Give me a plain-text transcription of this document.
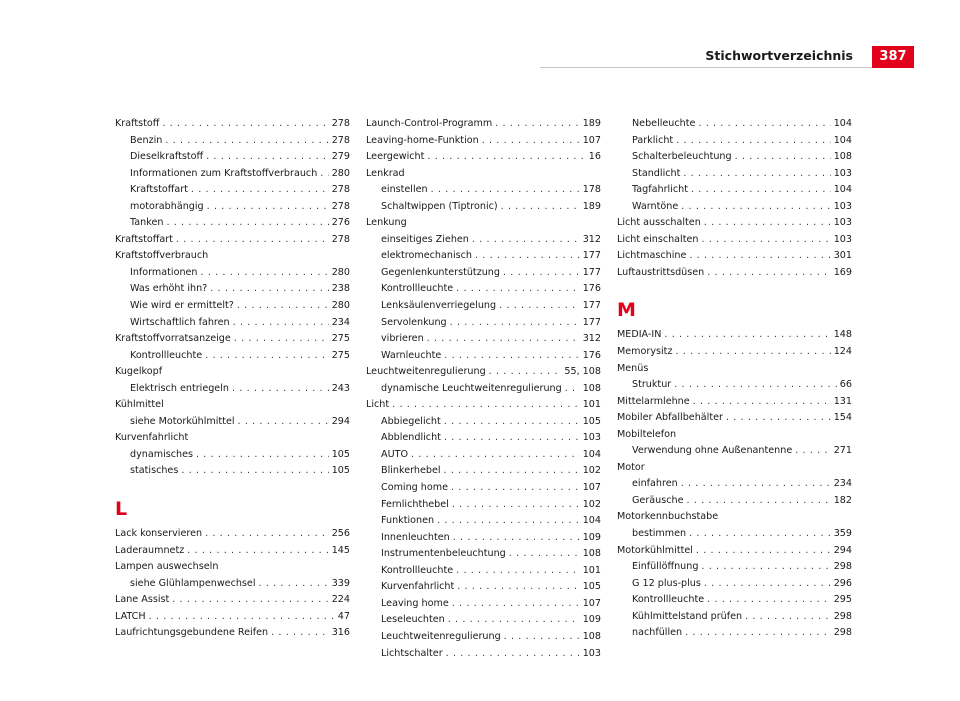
Stichwortverzeichnis	387
Kraftstoff . . .	278
Benzin . . .	278
Dieselkraftstoff . . .	279
Informationen zum Kraftstoffverbrauch . . . 280
Kraftstoffart . . .	278
motorabhängig . . .	278
Tanken . . .	276
Kraftstoffart . . .	278
Kraftstoffverbrauch
Informationen . . .	280
Was erhöht ihn? . . .	238
Wie wird er ermittelt? . . .	280
Wirtschaftlich fahren . . .	234
Kraftstoffvorratsanzeige . . .	275
Kontrollleuchte . . .	275
Kugelkopf
Elektrisch entriegeln . . .	243
Kühlmittel
siehe Motorkühlmittel . . .	294
Kurvenfahrlicht
dynamisches . . .	105
statisches . . .	105
L
Lack konservieren . . .	256
Laderaumnetz . . .	145
Lampen auswechseln
siehe Glühlampenwechsel . . .	339
Lane Assist . . .	224
LATCH . . .	47
Laufrichtungsgebundene Reifen . . .	316
Launch-Control-Programm . . .	189
Leaving-home-Funktion . . .	107
Leergewicht . . .	16
Lenkrad
einstellen . . .	178
Schaltwippen (Tiptronic) . . .	189
Lenkung
einseitiges Ziehen . . .	312
elektromechanisch . . .	177
Gegenlenkunterstützung . . .	177
Kontrollleuchte . . .	176
Lenksäulenverriegelung . . .	177
Servolenkung . . .	177
vibrieren . . .	312
Warnleuchte . . .	176
Leuchtweitenregulierung . . .	55, 108
dynamische Leuchtweitenregulierung . . . 108
Licht . . .	101
Abbiegelicht . . .	105
Abblendlicht . . .	103
AUTO . . .	104
Blinkerhebel . . .	102
Coming home . . .	107
Fernlichthebel . . .	102
Funktionen . . .	104
Innenleuchten . . .	109
Instrumentenbeleuchtung . . .	108
Kontrollleuchte . . .	101
Kurvenfahrlicht . . .	105
Leaving home . . .	107
Leseleuchten . . .	109
Leuchtweitenregulierung . . .	108
Lichtschalter . . .	103
Nebelleuchte . . .	104
Parklicht . . .	104
Schalterbeleuchtung . . .	108
Standlicht . . .	103
Tagfahrlicht . . .	104
Warntöne . . .	103
Licht ausschalten . . .	103
Licht einschalten . . .	103
Lichtmaschine . . .	301
Luftaustrittsdüsen . . .	169
M
MEDIA-IN . . .	148
Memorysitz . . .	124
Menüs
Struktur . . .	66
Mittelarmlehne . . .	131
Mobiler Abfallbehälter . . .	154
Mobiltelefon
Verwendung ohne Außenantenne . . .	271
Motor
einfahren . . .	234
Geräusche . . .	182
Motorkennbuchstabe
bestimmen . . .	359
Motorkühlmittel . . .	294
Einfüllöffnung . . .	298
G 12 plus-plus . . .	296
Kontrollleuchte . . .	295
Kühlmittelstand prüfen . . .	298
nachfüllen . . .	298
